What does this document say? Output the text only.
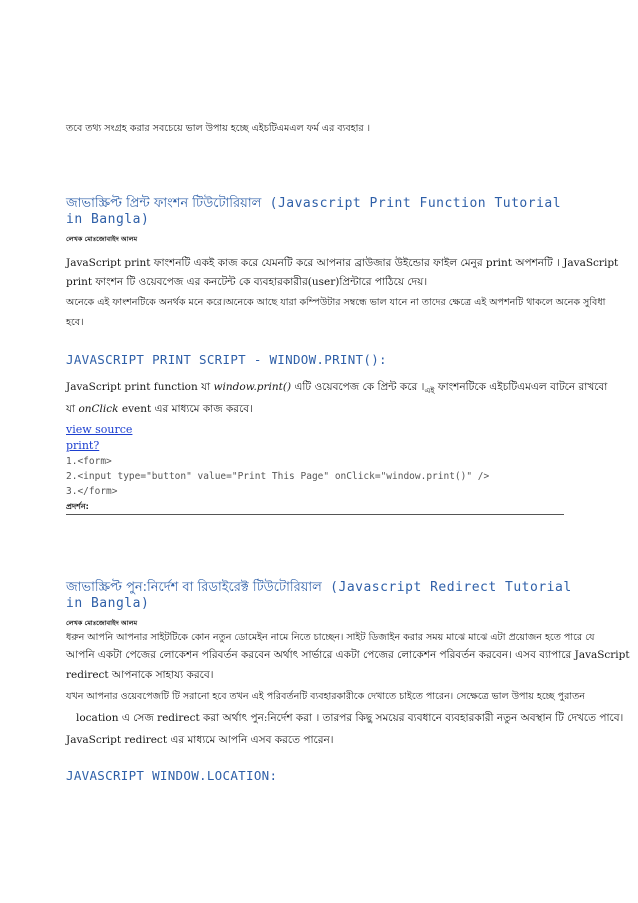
তবে তথ্য সংগ্রহ করার সবচেয়ে ভাল উপায় হচ্ছে এইচটিএমএল ফর্ম এর ব্যবহার ।
জাভাস্ক্রিপ্ট প্রিন্ট ফাংশন টিউটোরিয়াল (Javascript Print Function Tutorial
in Bangla)
লেখক মোঃজোবাইদ আলম
JavaScript print ফাংশনটি একই কাজ করে যেমনটি করে আপনার ব্রাউজার উইন্ডোর ফাইল মেনুর print অপশনটি । JavaScript
print ফাংশন টি ওয়েবপেজ এর কনটেন্ট কে ব্যবহারকারীর(user)প্রিন্টারে পাঠিয়ে দেয়।
অনেকে এই ফাংশনটিকে অনর্থক মনে করে।অনেকে আছে যারা কম্পিউটার সম্বন্ধে ভাল যানে না তাদের ক্ষেত্রে এই অপশনটি থাকলে অনেক সুবিধা
হবে।
JAVASCRIPT PRINT SCRIPT - WINDOW.PRINT():
JavaScript print function যা window.print() এটি ওয়েবপেজ কে প্রিন্ট করে $।_{এই}$ ফাংশনটিকে এইচটিএমএল বাটনে রাখবো
যা onClick event এর মাধ্যমে কাজ করবে।
view source
print?
1.<form>
2.<input type="button" value="Print This Page" onClick="window.print()" />
3.</form>
প্রদর্শন:
জাভাস্ক্রিপ্ট পুন:নির্দেশ বা রিডাইরেক্ট টিউটোরিয়াল (Javascript Redirect Tutorial
in Bangla)
লেখক মোঃজোবাইদ আলম
ধরুন আপনি আপনার সাইটটিকে কোন নতুন ডোমেইন নামে নিতে চাচ্ছেন। সাইট ডিজাইন করার সময় মাঝে মাঝে এটা প্রয়োজন হতে পারে যে
আপনি একটা পেজের লোকেশন পরিবর্তন করবেন অর্থাৎ সার্ভারে একটা পেজের লোকেশন পরিবর্তন করবেন। এসব ব্যাপারে JavaScript
redirect আপনাকে সাহায্য করবে।
যখন আপনার ওয়েবপেজটি টি সরানো হবে তখন এই পরিবর্তনটি ব্যবহারকারীকে দেখাতে চাইতে পারেন। সেক্ষেত্রে ভাল উপায় হচ্ছে পুরাতন
location এ সেজ redirect করা অর্থাৎ পুন:নির্দেশ করা । তারপর কিছু সময়ের ব্যবধানে ব্যবহারকারী নতুন অবস্থান টি দেখতে পাবে।
JavaScript redirect এর মাধ্যমে আপনি এসব করতে পারেন।
JAVASCRIPT WINDOW.LOCATION:
